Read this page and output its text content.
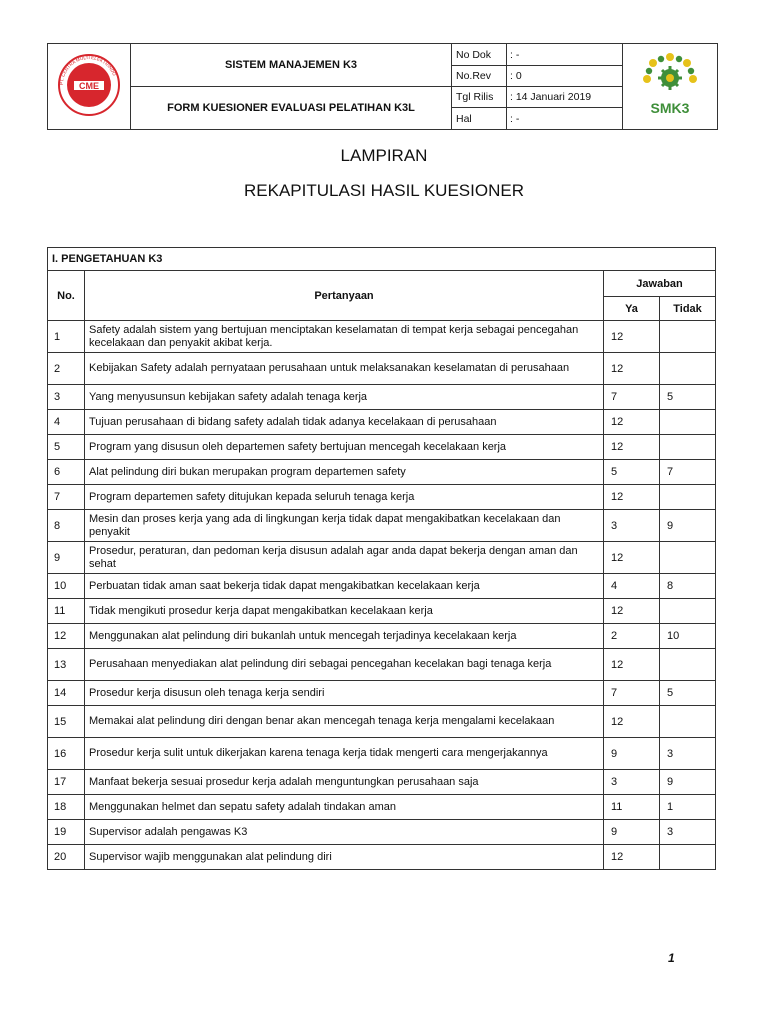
CME
PT. CENTRA MULTI ELEKTRINDO	SISTEM MANAJEMEN K3	No Dok	: -	SMK3

		No.Rev	: 0	
	FORM KUESIONER EVALUASI PELATIHAN K3L	Tgl Rilis	: 14 Januari 2019	
		Hal	: -	
LAMPIRAN
REKAPITULASI HASIL KUESIONER
I. PENGETAHUAN K3			
No.	Pertanyaan	Jawaban	
		Ya	Tidak
1	Safety adalah sistem yang bertujuan menciptakan keselamatan di tempat kerja sebagai pencegahan kecelakaan dan penyakit akibat kerja.	12	
2	Kebijakan Safety adalah pernyataan perusahaan untuk melaksanakan keselamatan di perusahaan	12	
3	Yang menyusunsun kebijakan safety adalah tenaga kerja	7	5
4	Tujuan perusahaan di bidang safety adalah tidak adanya kecelakaan di perusahaan	12	
5	Program yang disusun oleh departemen safety bertujuan mencegah kecelakaan kerja	12	
6	Alat pelindung diri bukan merupakan program departemen safety	5	7
7	Program departemen safety ditujukan kepada seluruh tenaga kerja	12	
8	Mesin dan proses kerja yang ada di lingkungan kerja tidak dapat mengakibatkan kecelakaan dan penyakit	3	9
9	Prosedur, peraturan, dan pedoman kerja disusun adalah agar anda dapat bekerja dengan aman dan sehat	12	
10	Perbuatan tidak aman saat bekerja tidak dapat mengakibatkan kecelakaan kerja	4	8
11	Tidak mengikuti prosedur kerja dapat mengakibatkan kecelakaan kerja	12	
12	Menggunakan alat pelindung diri bukanlah untuk mencegah terjadinya kecelakaan kerja	2	10
13	Perusahaan menyediakan alat pelindung diri sebagai pencegahan kecelakan bagi tenaga kerja	12	
14	Prosedur kerja disusun oleh tenaga kerja sendiri	7	5
15	Memakai alat pelindung diri dengan benar akan mencegah tenaga kerja mengalami kecelakaan	12	
16	Prosedur kerja sulit untuk dikerjakan karena tenaga kerja tidak mengerti cara mengerjakannya	9	3
17	Manfaat bekerja sesuai prosedur kerja adalah menguntungkan perusahaan saja	3	9
18	Menggunakan helmet dan sepatu safety adalah tindakan aman	11	1
19	Supervisor adalah pengawas K3	9	3
20	Supervisor wajib menggunakan alat pelindung diri	12	
1
